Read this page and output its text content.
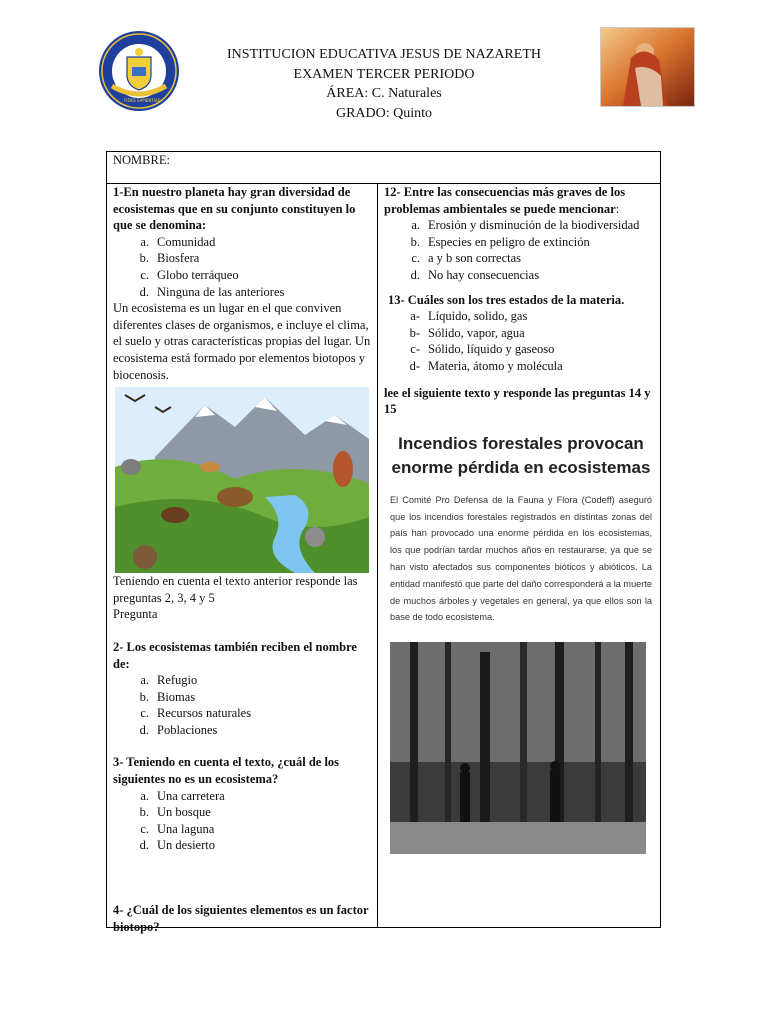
FIDES SAPIENTIAE
INSTITUCION EDUCATIVA JESUS DE NAZARETH
EXAMEN TERCER PERIODO
ÁREA: C. Naturales
GRADO: Quinto
NOMBRE:
1-En nuestro planeta hay gran diversidad de ecosistemas que en su conjunto constituyen lo que se denomina:
a. Comunidad
b. Biosfera
c. Globo terráqueo
d. Ninguna de las anteriores
Un ecosistema es un lugar en el que conviven diferentes clases de organismos, e incluye el clima, el suelo y otras características propias del lugar. Un ecosistema está formado por elementos biotopos y biocenosis.
Teniendo en cuenta el texto anterior responde las preguntas 2, 3, 4 y 5
Pregunta
2- Los ecosistemas también reciben el nombre de:
a. Refugio
b. Biomas
c. Recursos naturales
d. Poblaciones
3- Teniendo en cuenta el texto, ¿cuál de los siguientes no es un ecosistema?
a. Una carretera
b. Un bosque
c. Una laguna
d. Un desierto
4- ¿Cuál de los siguientes elementos es un factor biotopo?
12- Entre las consecuencias más graves de los problemas ambientales se puede mencionar:
a. Erosión y disminución de la biodiversidad
b. Especies en peligro de extinción
c. a y b son correctas
d. No hay consecuencias
13- Cuáles son los tres estados de la materia.
a- Líquido, solido, gas
b- Sólido, vapor, agua
c- Sólido, líquido y gaseoso
d- Materia, átomo y molécula
lee el siguiente texto y responde las preguntas 14 y 15
Incendios forestales provocan
enorme pérdida en ecosistemas
El Comité Pro Defensa de la Fauna y Flora (Codeff) aseguró que los incendios forestales registrados en distintas zonas del país han provocado una enorme pérdida en los ecosistemas, los que podrían tardar muchos años en restaurarse, ya que se han visto afectados sus componentes bióticos y abióticos. La entidad manifestó que parte del daño corresponderá a la muerte de muchos árboles y vegetales en general, ya que ellos son la base de todo ecosistema.
